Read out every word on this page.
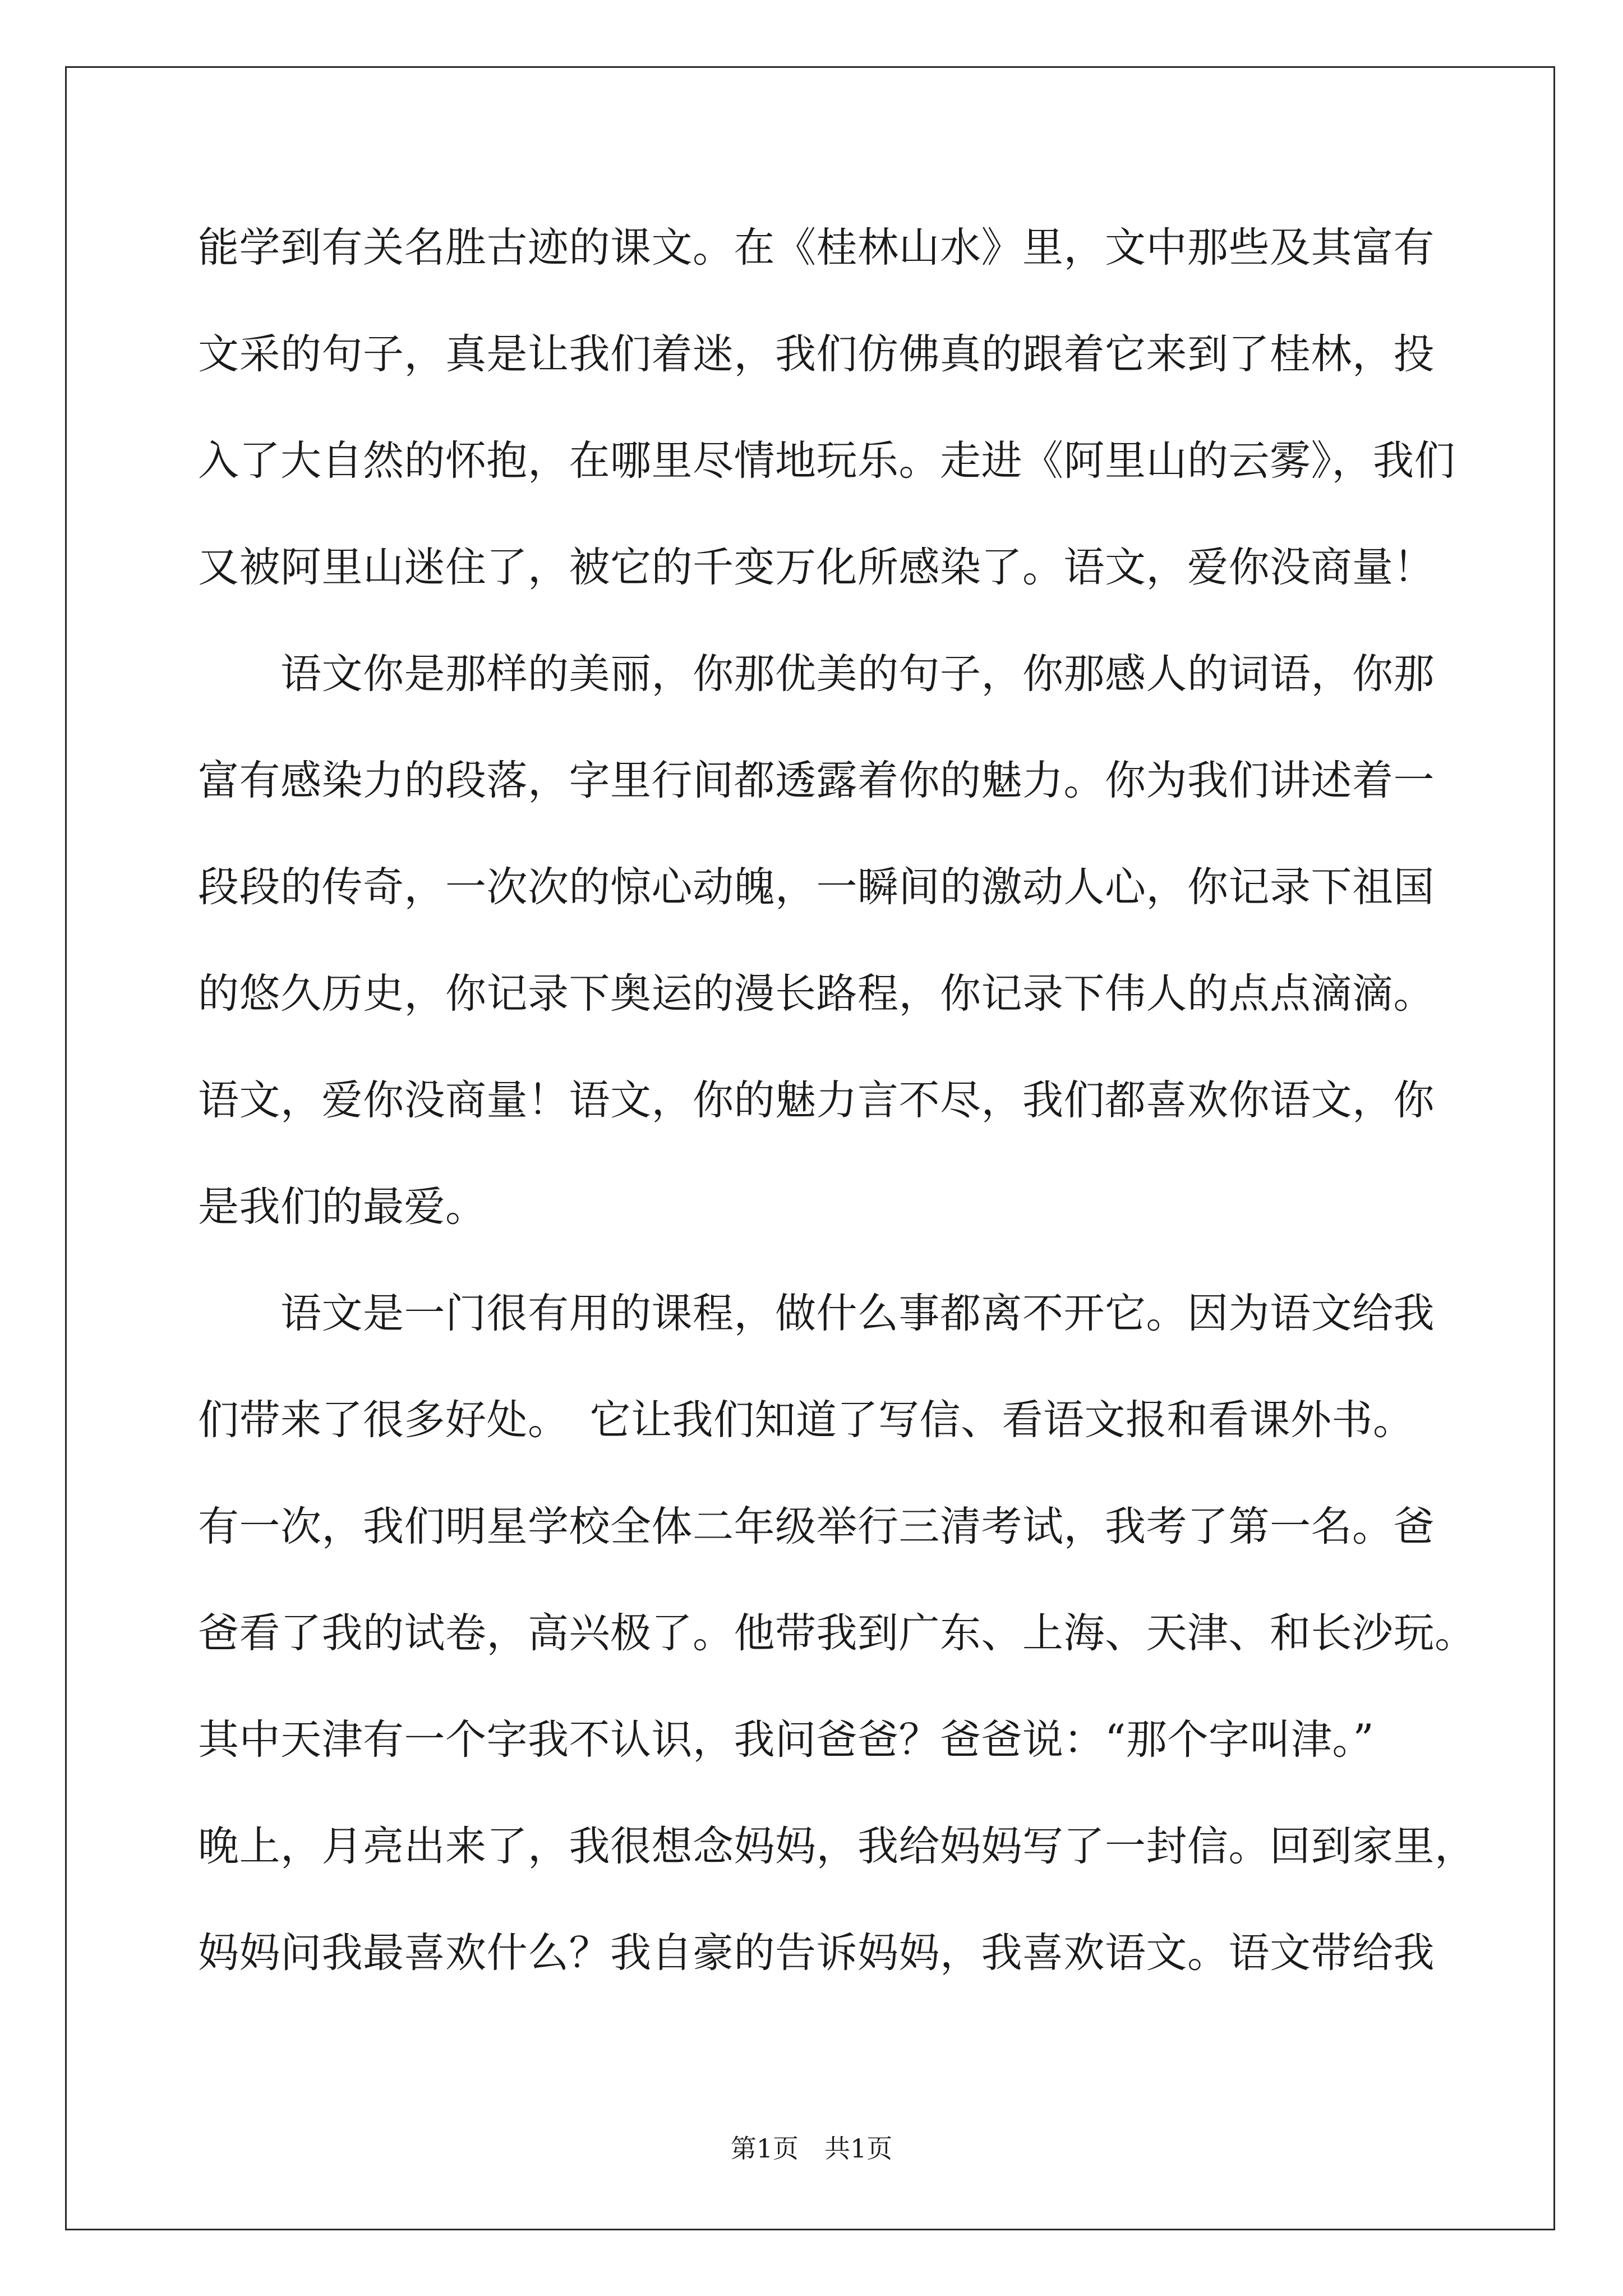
能学到有关名胜古迹的课文。在《桂林山水》里，文中那些及其富有
文采的句子，真是让我们着迷，我们仿佛真的跟着它来到了桂林，投
入了大自然的怀抱，在哪里尽情地玩乐。走进《阿里山的云雾》，我们
又被阿里山迷住了，被它的千变万化所感染了。语文，爱你没商量！
　　语文你是那样的美丽，你那优美的句子，你那感人的词语，你那
富有感染力的段落，字里行间都透露着你的魅力。你为我们讲述着一
段段的传奇，一次次的惊心动魄，一瞬间的激动人心，你记录下祖国
的悠久历史，你记录下奥运的漫长路程，你记录下伟人的点点滴滴。
语文，爱你没商量！语文，你的魅力言不尽，我们都喜欢你语文，你
是我们的最爱。
　　语文是一门很有用的课程，做什么事都离不开它。因为语文给我
们带来了很多好处。　它让我们知道了写信、看语文报和看课外书。
有一次，我们明星学校全体二年级举行三清考试，我考了第一名。爸
爸看了我的试卷，高兴极了。他带我到广东、上海、天津、和长沙玩。
其中天津有一个字我不认识，我问爸爸？爸爸说：“那个字叫津。”
晚上，月亮出来了，我很想念妈妈，我给妈妈写了一封信。回到家里，
妈妈问我最喜欢什么？我自豪的告诉妈妈，我喜欢语文。语文带给我
第1页　共1页
